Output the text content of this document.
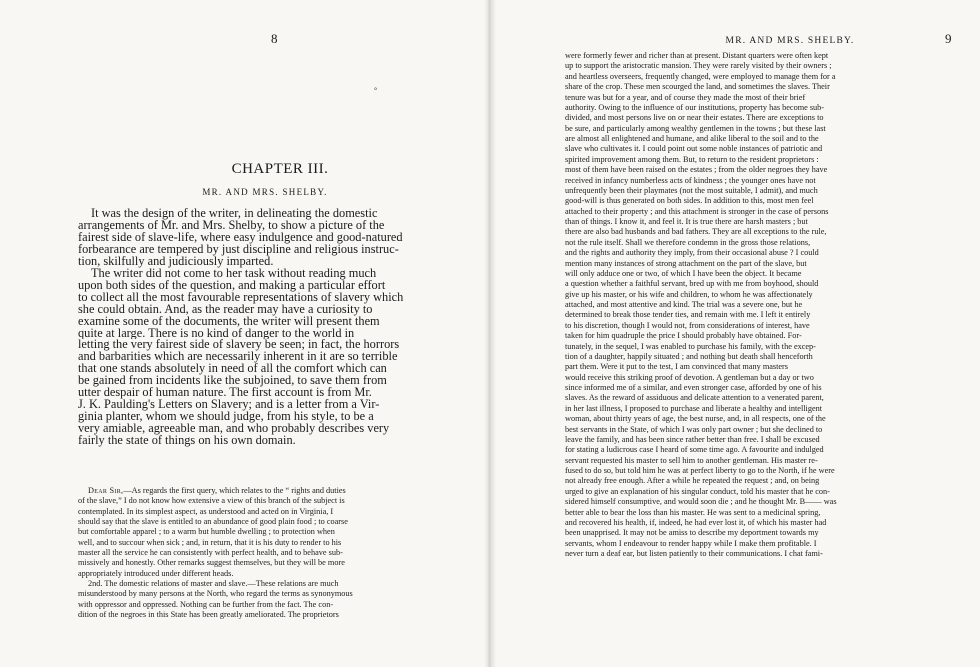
8
°
CHAPTER III.
MR. AND MRS. SHELBY.
It was the design of the writer, in delineating the domestic
arrangements of Mr. and Mrs. Shelby, to show a picture of the
fairest side of slave-life, where easy indulgence and good-natured
forbearance are tempered by just discipline and religious instruc-
tion, skilfully and judiciously imparted.
The writer did not come to her task without reading much
upon both sides of the question, and making a particular effort
to collect all the most favourable representations of slavery which
she could obtain. And, as the reader may have a curiosity to
examine some of the documents, the writer will present them
quite at large. There is no kind of danger to the world in
letting the very fairest side of slavery be seen; in fact, the horrors
and barbarities which are necessarily inherent in it are so terrible
that one stands absolutely in need of all the comfort which can
be gained from incidents like the subjoined, to save them from
utter despair of human nature. The first account is from Mr.
J. K. Paulding's Letters on Slavery; and is a letter from a Vir-
ginia planter, whom we should judge, from his style, to be a
very amiable, agreeable man, and who probably describes very
fairly the state of things on his own domain.
Dear Sir,—As regards the first query, which relates to the “ rights and duties
of the slave,” I do not know how extensive a view of this branch of the subject is
contemplated. In its simplest aspect, as understood and acted on in Virginia, I
should say that the slave is entitled to an abundance of good plain food ; to coarse
but comfortable apparel ; to a warm but humble dwelling ; to protection when
well, and to succour when sick ; and, in return, that it is his duty to render to his
master all the service he can consistently with perfect health, and to behave sub-
missively and honestly. Other remarks suggest themselves, but they will be more
appropriately introduced under different heads.
2nd. The domestic relations of master and slave.—These relations are much
misunderstood by many persons at the North, who regard the terms as synonymous
with oppressor and oppressed. Nothing can be further from the fact. The con-
dition of the negroes in this State has been greatly ameliorated. The proprietors
MR. AND MRS. SHELBY.	9
were formerly fewer and richer than at present. Distant quarters were often kept
up to support the aristocratic mansion. They were rarely visited by their owners ;
and heartless overseers, frequently changed, were employed to manage them for a
share of the crop. These men scourged the land, and sometimes the slaves. Their
tenure was but for a year, and of course they made the most of their brief
authority. Owing to the influence of our institutions, property has become sub-
divided, and most persons live on or near their estates. There are exceptions to
be sure, and particularly among wealthy gentlemen in the towns ; but these last
are almost all enlightened and humane, and alike liberal to the soil and to the
slave who cultivates it. I could point out some noble instances of patriotic and
spirited improvement among them. But, to return to the resident proprietors :
most of them have been raised on the estates ; from the older negroes they have
received in infancy numberless acts of kindness ; the younger ones have not
unfrequently been their playmates (not the most suitable, I admit), and much
good-will is thus generated on both sides. In addition to this, most men feel
attached to their property ; and this attachment is stronger in the case of persons
than of things. I know it, and feel it. It is true there are harsh masters ; but
there are also bad husbands and bad fathers. They are all exceptions to the rule,
not the rule itself. Shall we therefore condemn in the gross those relations,
and the rights and authority they imply, from their occasional abuse ? I could
mention many instances of strong attachment on the part of the slave, but
will only adduce one or two, of which I have been the object. It became
a question whether a faithful servant, bred up with me from boyhood, should
give up his master, or his wife and children, to whom he was affectionately
attached, and most attentive and kind. The trial was a severe one, but he
determined to break those tender ties, and remain with me. I left it entirely
to his discretion, though I would not, from considerations of interest, have
taken for him quadruple the price I should probably have obtained. For-
tunately, in the sequel, I was enabled to purchase his family, with the excep-
tion of a daughter, happily situated ; and nothing but death shall henceforth
part them. Were it put to the test, I am convinced that many masters
would receive this striking proof of devotion. A gentleman but a day or two
since informed me of a similar, and even stronger case, afforded by one of his
slaves. As the reward of assiduous and delicate attention to a venerated parent,
in her last illness, I proposed to purchase and liberate a healthy and intelligent
woman, about thirty years of age, the best nurse, and, in all respects, one of the
best servants in the State, of which I was only part owner ; but she declined to
leave the family, and has been since rather better than free. I shall be excused
for stating a ludicrous case I heard of some time ago. A favourite and indulged
servant requested his master to sell him to another gentleman. His master re-
fused to do so, but told him he was at perfect liberty to go to the North, if he were
not already free enough. After a while he repeated the request ; and, on being
urged to give an explanation of his singular conduct, told his master that he con-
sidered himself consumptive, and would soon die ; and he thought Mr. B—— was
better able to bear the loss than his master. He was sent to a medicinal spring,
and recovered his health, if, indeed, he had ever lost it, of which his master had
been unapprised. It may not be amiss to describe my deportment towards my
servants, whom I endeavour to render happy while I make them profitable. I
never turn a deaf ear, but listen patiently to their communications. I chat fami-
